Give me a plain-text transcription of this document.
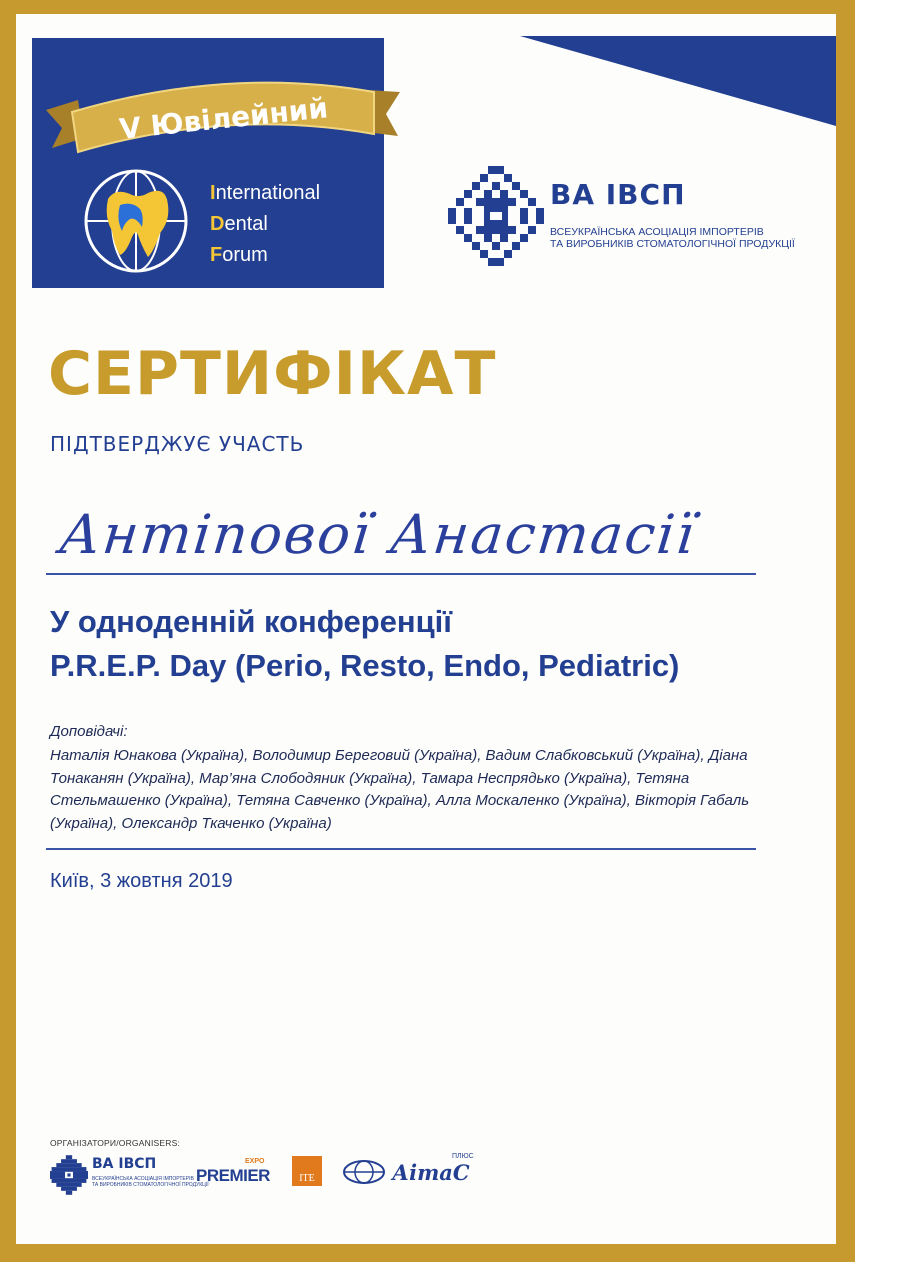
V Ювілейний
International
Dental
Forum
ВА ІВСП
ВСЕУКРАЇНСЬКА АСОЦІАЦІЯ ІМПОРТЕРІВ
ТА ВИРОБНИКІВ СТОМАТОЛОГІЧНОЇ ПРОДУКЦІЇ
СЕРТИФІКАТ

ПІДТВЕРДЖУЄ УЧАСТЬ

Антіпової Анастасії

У одноденній конференції

P.R.E.P. Day (Perio, Resto, Endo, Pediatric)

Доповідачі:

Наталія Юнакова (Україна), Володимир Береговий (Україна), Вадим Слабковський (Україна), Діана Тонаканян (Україна), Мар’яна Слободяник (Україна), Тамара Неспрядько (Україна), Тетяна Стельмашенко (Україна), Тетяна Савченко (Україна), Алла Москаленко (Україна), Вікторія Габаль (Україна), Олександр Ткаченко (Україна)

Київ, 3 жовтня 2019

ОРГАНІЗАТОРИ/ORGANISERS:

ВА ІВСП
ВСЕУКРАЇНСЬКА АСОЦІАЦІЯ ІМПОРТЕРІВ
ТА ВИРОБНИКІВ СТОМАТОЛОГІЧНОЇ ПРОДУКЦІЇ
PREMIER
EXPO
ITE
ПЛЮС
АітаС
